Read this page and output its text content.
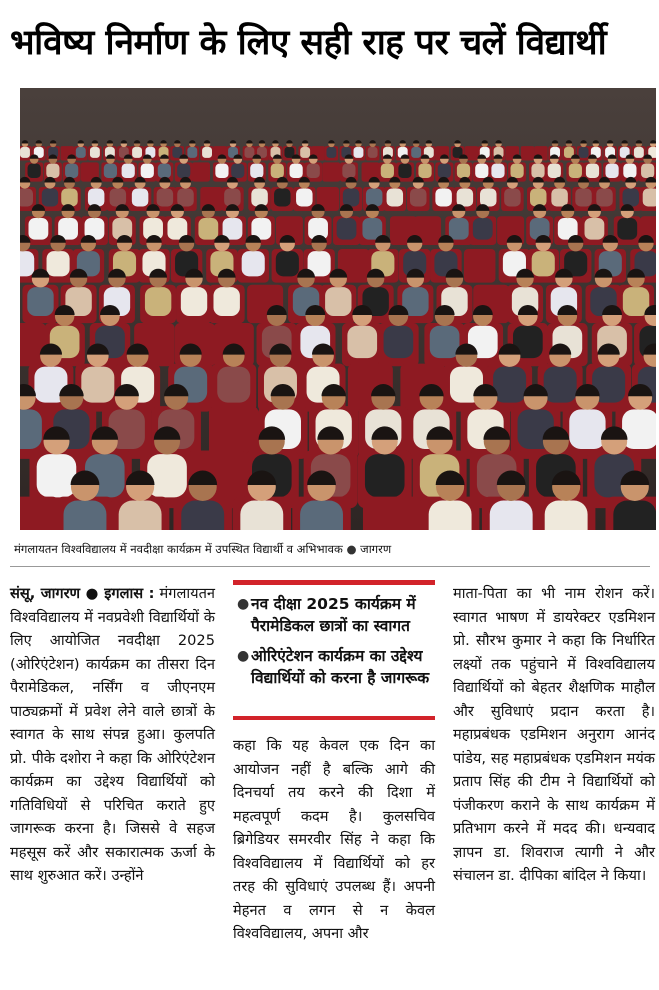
भविष्य निर्माण के लिए सही राह पर चलें विद्यार्थी
मंगलायतन विश्वविद्यालय में नवदीक्षा कार्यक्रम में उपस्थित विद्यार्थी व अभिभावक ● जागरण
संसू, जागरण ● इगलास : मंगलायतन विश्वविद्यालय में नवप्रवेशी विद्यार्थियों के लिए आयोजित नवदीक्षा 2025 (ओरिएंटेशन) कार्यक्रम का तीसरा दिन पैरामेडिकल, नर्सिंग व जीएनएम पाठ्यक्रमों में प्रवेश लेने वाले छात्रों के स्वागत के साथ संपन्न हुआ। कुलपति प्रो. पीके दशोरा ने कहा कि ओरिएंटेशन कार्यक्रम का उद्देश्य विद्यार्थियों को गतिविधियों से परिचित कराते हुए जागरूक करना है। जिससे वे सहज महसूस करें और सकारात्मक ऊर्जा के साथ शुरुआत करें। उन्होंने
● नव दीक्षा 2025 कार्यक्रम में पैरामेडिकल छात्रों का स्वागत
● ओरिएंटेशन कार्यक्रम का उद्देश्य विद्यार्थियों को करना है जागरूक
कहा कि यह केवल एक दिन का आयोजन नहीं है बल्कि आगे की दिनचर्या तय करने की दिशा में महत्वपूर्ण कदम है। कुलसचिव ब्रिगेडियर समरवीर सिंह ने कहा कि विश्वविद्यालय में विद्यार्थियों को हर तरह की सुविधाएं उपलब्ध हैं। अपनी मेहनत व लगन से न केवल विश्वविद्यालय, अपना और
माता-पिता का भी नाम रोशन करें। स्वागत भाषण में डायरेक्टर एडमिशन प्रो. सौरभ कुमार ने कहा कि निर्धारित लक्ष्यों तक पहुंचाने में विश्वविद्यालय विद्यार्थियों को बेहतर शैक्षणिक माहौल और सुविधाएं प्रदान करता है। महाप्रबंधक एडमिशन अनुराग आनंद पांडेय, सह महाप्रबंधक एडमिशन मयंक प्रताप सिंह की टीम ने विद्यार्थियों को पंजीकरण कराने के साथ कार्यक्रम में प्रतिभाग करने में मदद की। धन्यवाद ज्ञापन डा. शिवराज त्यागी ने और संचालन डा. दीपिका बांदिल ने किया।
